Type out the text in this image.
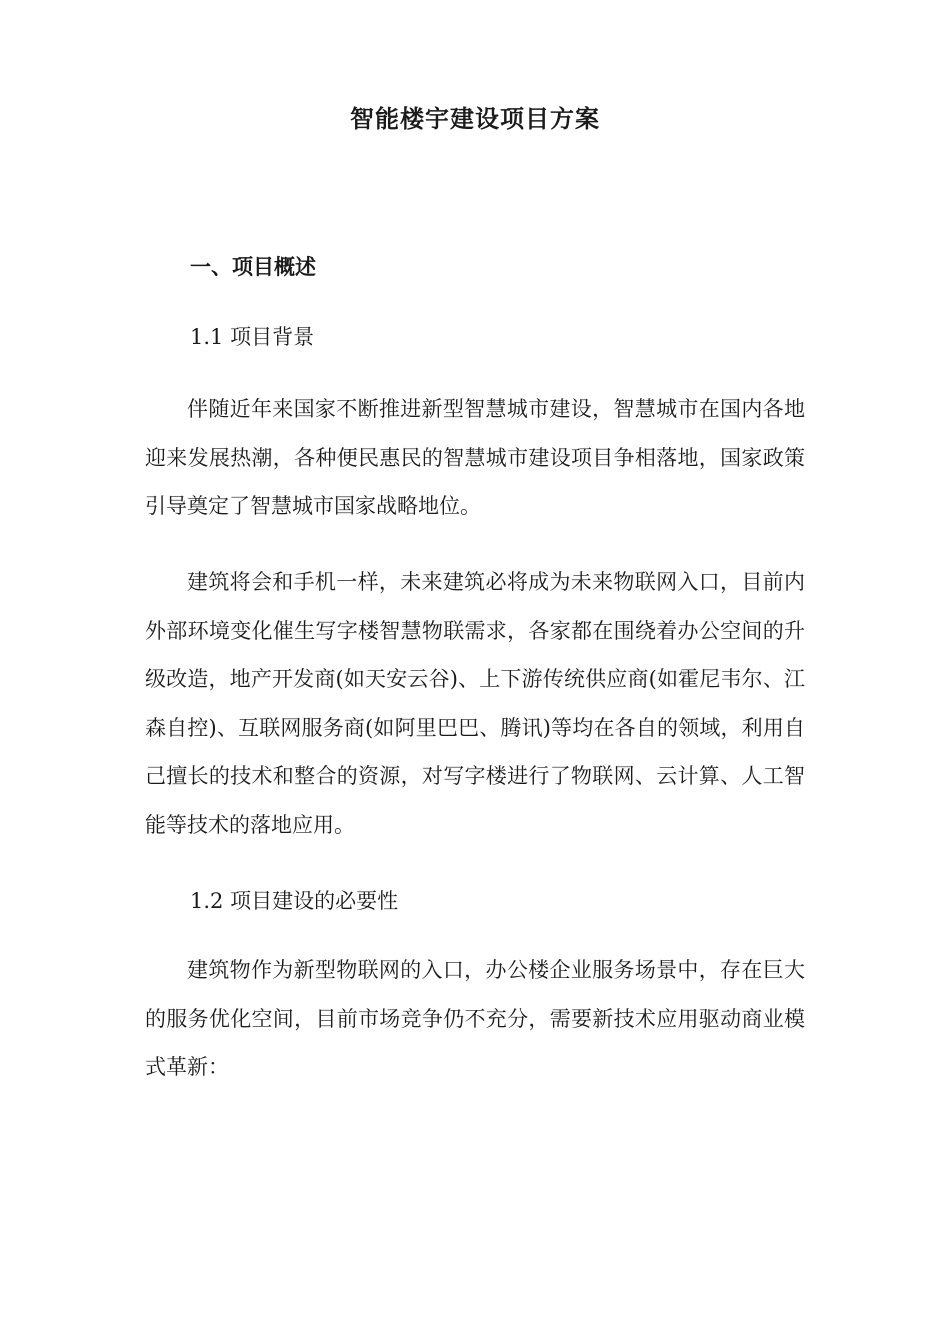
智能楼宇建设项目方案
一、项目概述
1.1 项目背景

伴随近年来国家不断推进新型智慧城市建设，智慧城市在国内各地迎来发展热潮，各种便民惠民的智慧城市建设项目争相落地，国家政策引导奠定了智慧城市国家战略地位。

建筑将会和手机一样，未来建筑必将成为未来物联网入口，目前内外部环境变化催生写字楼智慧物联需求，各家都在围绕着办公空间的升级改造，地产开发商(如天安云谷)、上下游传统供应商(如霍尼韦尔、江森自控)、互联网服务商(如阿里巴巴、腾讯)等均在各自的领域，利用自己擅长的技术和整合的资源，对写字楼进行了物联网、云计算、人工智能等技术的落地应用。

1.2 项目建设的必要性

建筑物作为新型物联网的入口，办公楼企业服务场景中，存在巨大的服务优化空间，目前市场竞争仍不充分，需要新技术应用驱动商业模式革新：
